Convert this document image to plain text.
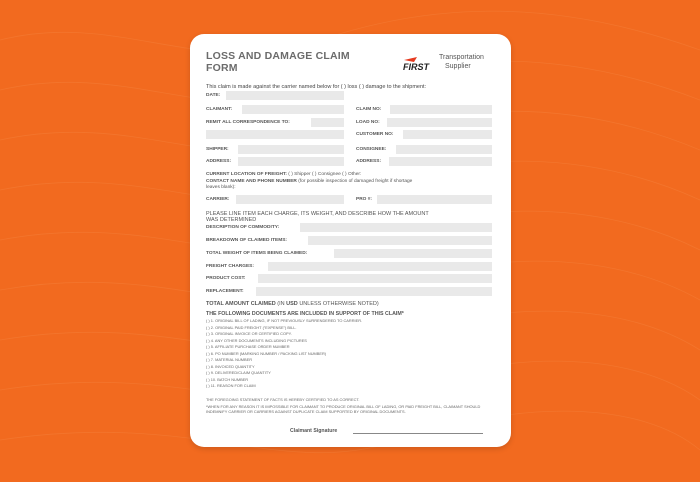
LOSS AND DAMAGE CLAIM FORM	FIRST
Transportation
Supplier
This claim is made against the carrier named below for ( ) loss ( ) damage to the shipment:
DATE:
CLAIMANT:	CLAIM NO:
REMIT ALL CORRESPONDENCE TO:	LOAD NO:
CUSTOMER NO:
SHIPPER:	CONSIGNEE:
ADDRESS:	ADDRESS:
CURRENT LOCATION OF FREIGHT: ( ) Shipper ( ) Consignee ( ) Other:
CONTACT NAME AND PHONE NUMBER (for possible inspection of damaged freight if shortage
leaves blank):
CARRIER:	PRO #:
PLEASE LINE ITEM EACH CHARGE, ITS WEIGHT, AND DESCRIBE HOW THE AMOUNT
WAS DETERMINED
DESCRIPTION OF COMMODITY:
BREAKDOWN OF CLAIMED ITEMS:
TOTAL WEIGHT OF ITEMS BEING CLAIMED:
FREIGHT CHARGES:
PRODUCT COST:
REPLACEMENT:
TOTAL AMOUNT CLAIMED (IN USD UNLESS OTHERWISE NOTED)
THE FOLLOWING DOCUMENTS ARE INCLUDED IN SUPPORT OF THIS CLAIM*
( ) 1. ORIGINAL BILL OF LADING, IF NOT PREVIOUSLY SURRENDERED TO CARRIER.
( ) 2. ORIGINAL PAID FREIGHT ("EXPENSE") BILL.
( ) 3. ORIGINAL INVOICE OR CERTIFIED COPY.
( ) 4. ANY OTHER DOCUMENTS INCLUDING PICTURES
( ) 5. AFFILIATE PURCHASE ORDER NUMBER
( ) 6. PO NUMBER (MARKING NUMBER / PACKING LIST NUMBER)
( ) 7. MATERIAL NUMBER
( ) 8. INVOICED QUANTITY
( ) 9. DELIVERED/CLAIM QUANTITY
( ) 10. BATCH NUMBER
( ) 11. REASON FOR CLAIM
THE FOREGOING STATEMENT OF FACTS IS HEREBY CERTIFIED TO AS CORRECT.
*WHEN FOR ANY REASON IT IS IMPOSSIBLE FOR CLAIMANT TO PRODUCE ORIGINAL BILL OF LADING, OR PAID FREIGHT BILL, CLAIMANT SHOULD INDEMNIFY CARRIER OR CARRIERS AGAINST DUPLICATE CLAIM SUPPORTED BY ORIGINAL DOCUMENTS.
Claimant Signature
